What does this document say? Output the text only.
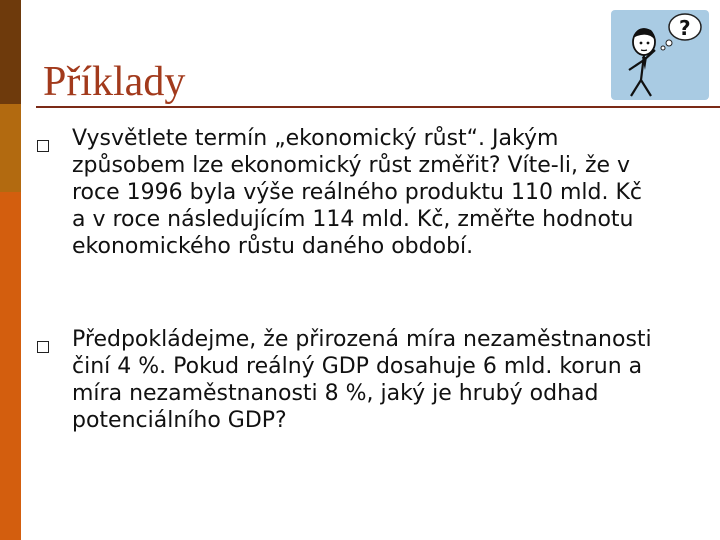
Příklady
?

Vysvětlete termín „ekonomický růst“. Jakým způsobem lze ekonomický růst změřit? Víte-li, že v roce 1996 byla výše reálného produktu 110 mld. Kč a v roce následujícím 114 mld. Kč, změřte hodnotu ekonomického růstu daného období.

Předpokládejme, že přirozená míra nezaměstnanosti činí 4 %. Pokud reálný GDP dosahuje 6 mld. korun a míra nezaměstnanosti 8 %, jaký je hrubý odhad potenciálního GDP?
